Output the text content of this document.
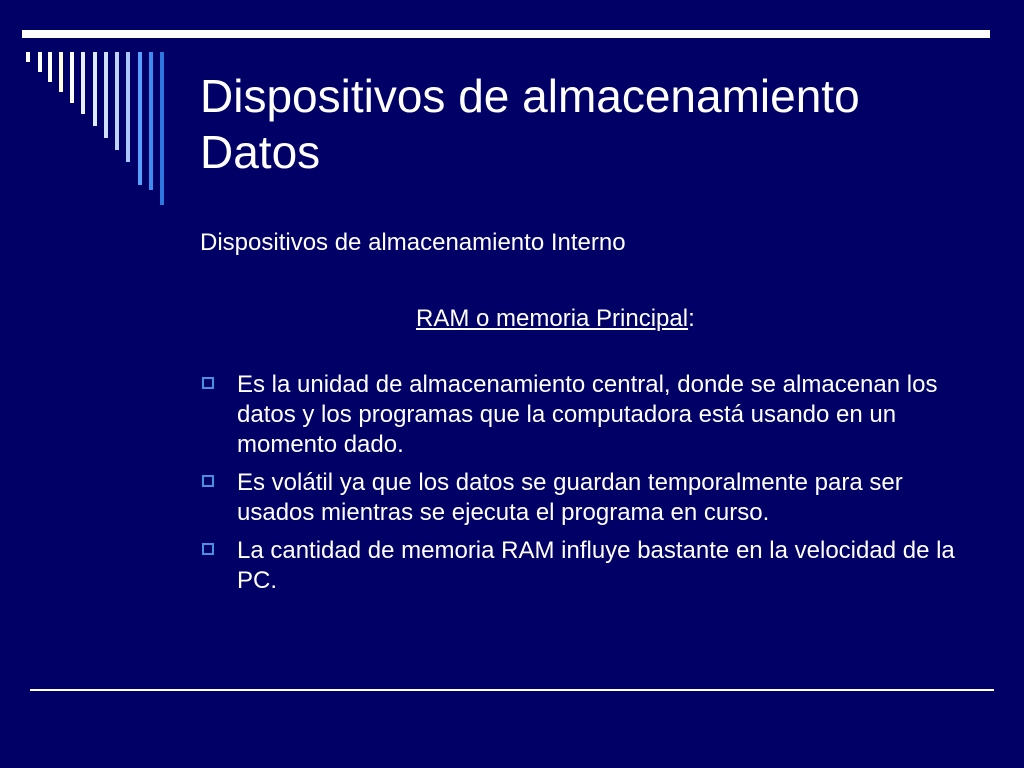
Dispositivos de almacenamiento Datos
Dispositivos de almacenamiento Interno
RAM o memoria Principal:
Es la unidad de almacenamiento central, donde se almacenan los datos y los programas que la computadora está usando en un momento dado.
Es volátil ya que los datos se guardan temporalmente para ser usados mientras se ejecuta el programa en curso.
La cantidad de memoria RAM influye bastante en la velocidad de la PC.
